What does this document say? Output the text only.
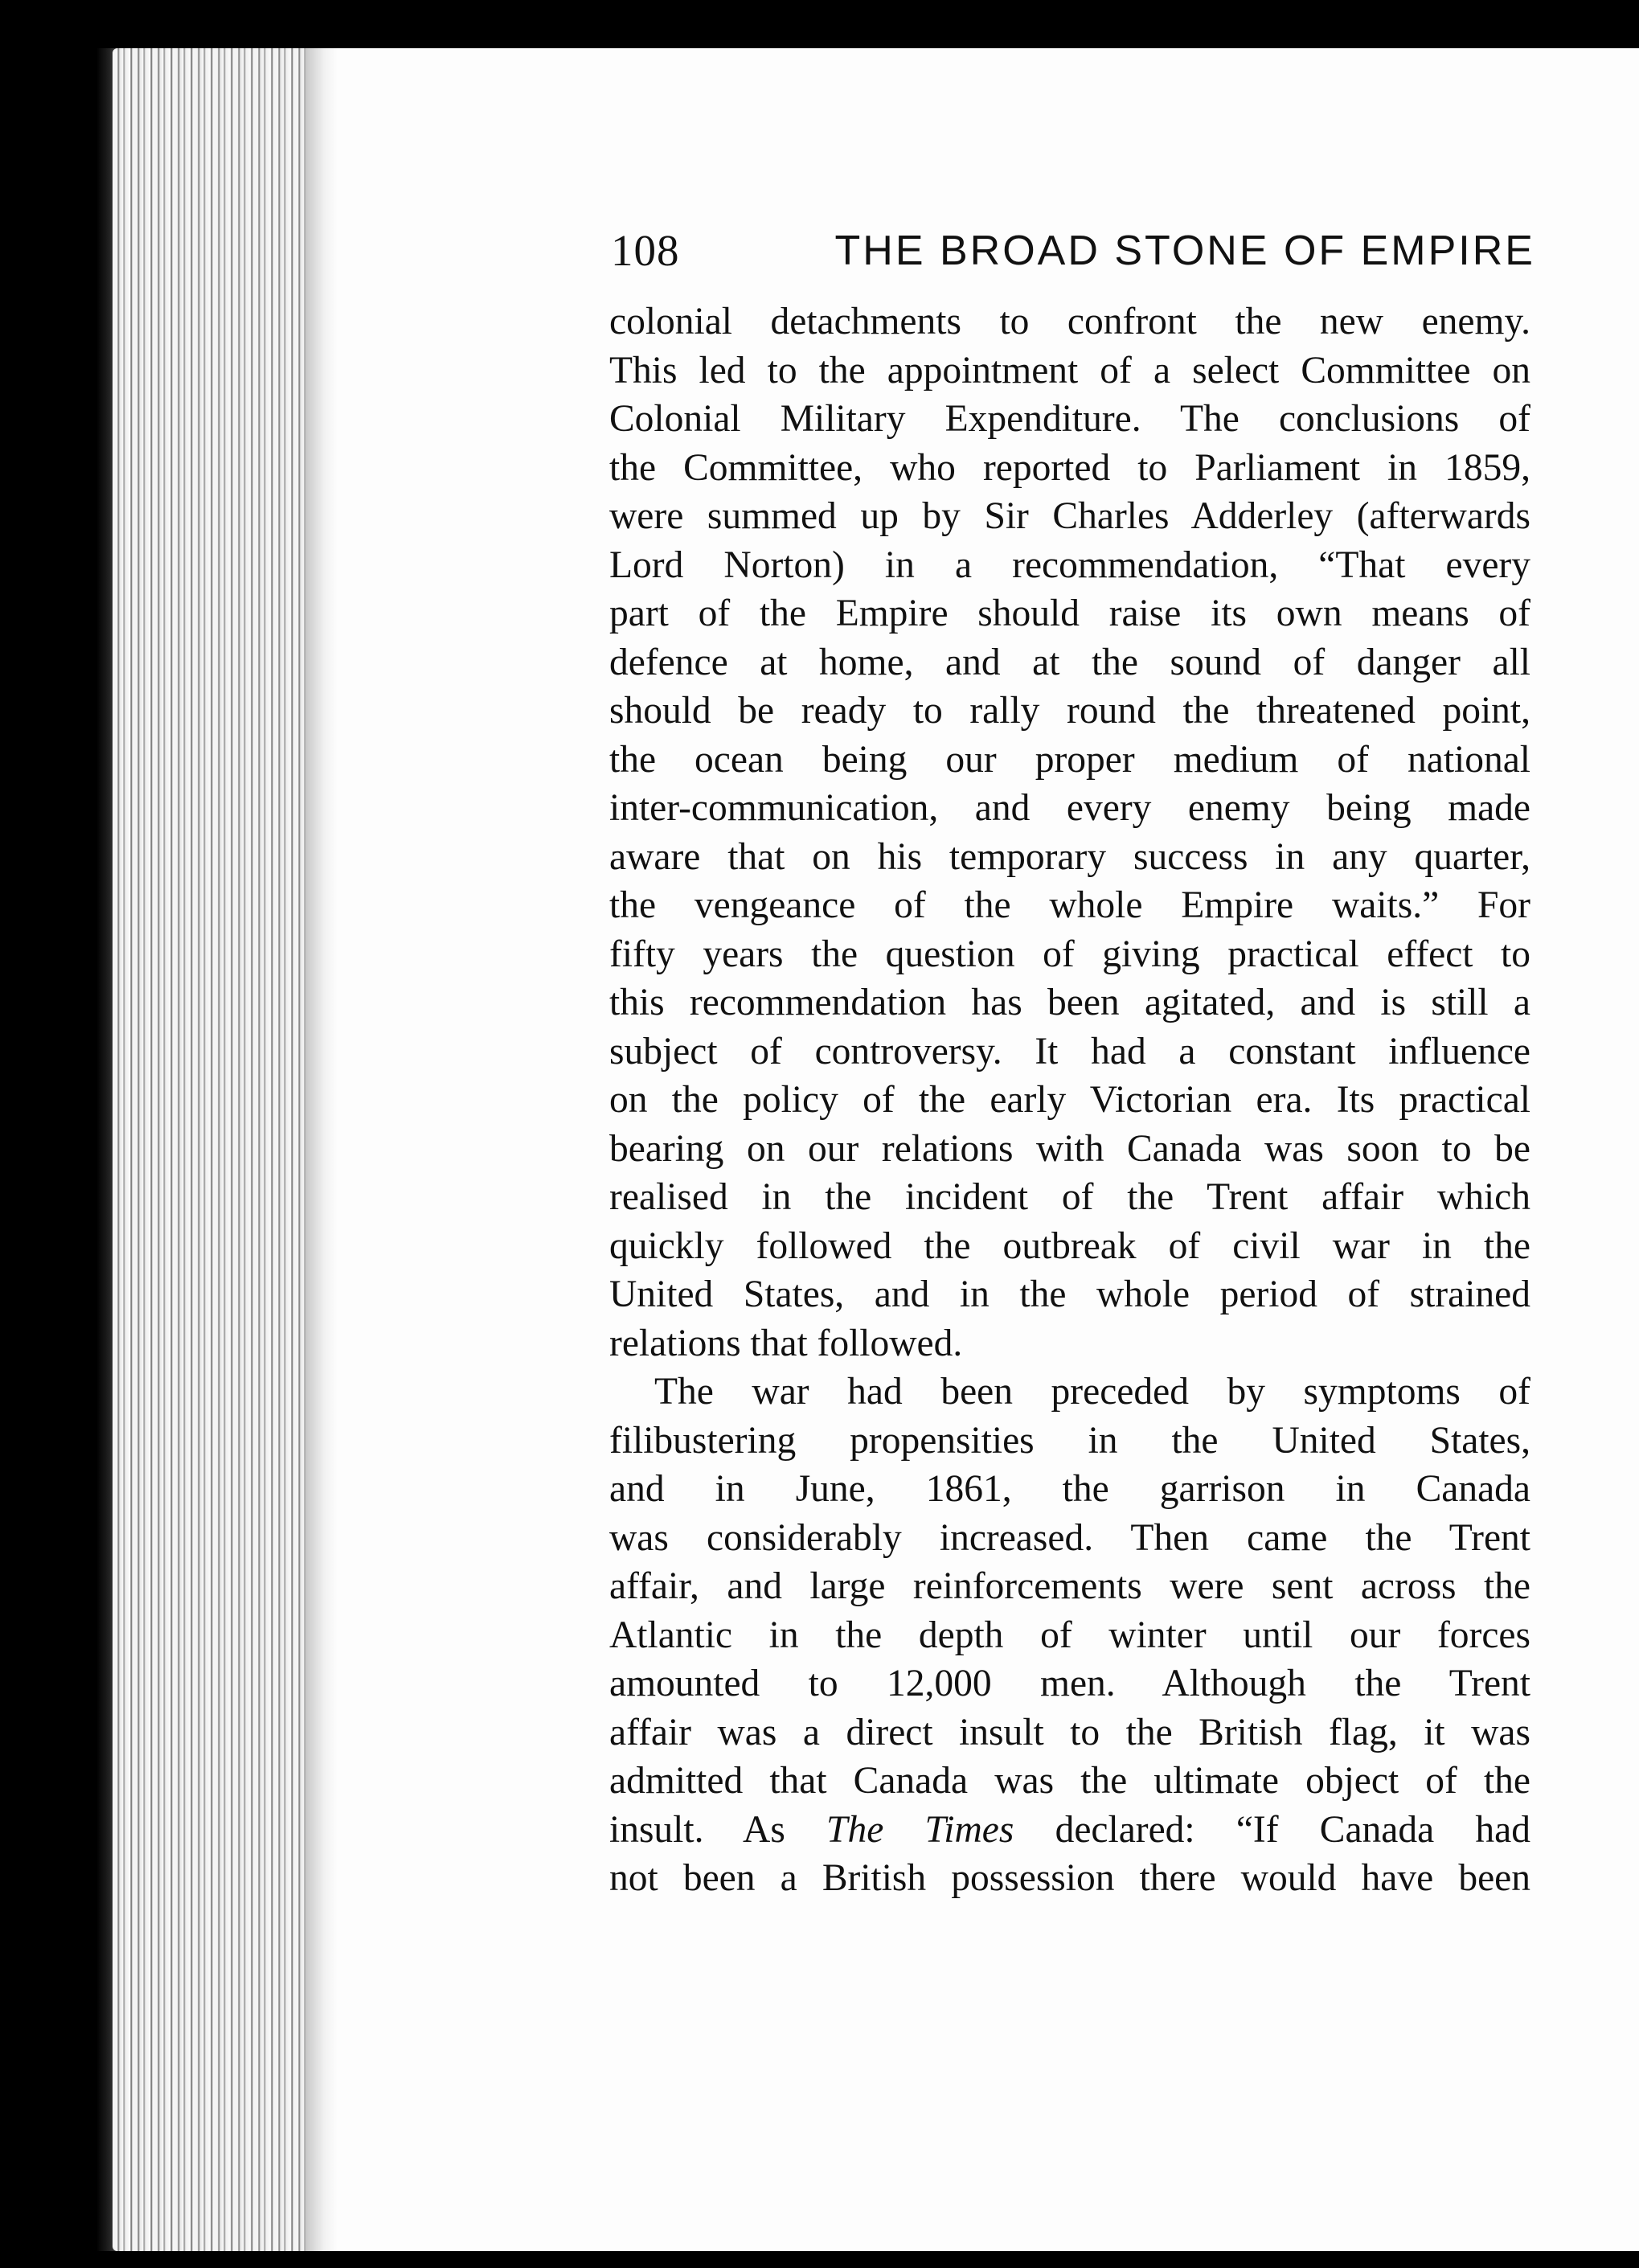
108	THE BROAD STONE OF EMPIRE
colonial detachments to confront the new enemy.
This led to the appointment of a select Committee on
Colonial Military Expenditure. The conclusions of
the Committee, who reported to Parliament in 1859,
were summed up by Sir Charles Adderley (afterwards
Lord Norton) in a recommendation, “That every
part of the Empire should raise its own means of
defence at home, and at the sound of danger all
should be ready to rally round the threatened point,
the ocean being our proper medium of national
inter-communication, and every enemy being made
aware that on his temporary success in any quarter,
the vengeance of the whole Empire waits.” For
fifty years the question of giving practical effect to
this recommendation has been agitated, and is still a
subject of controversy. It had a constant influence
on the policy of the early Victorian era. Its practical
bearing on our relations with Canada was soon to be
realised in the incident of the Trent affair which
quickly followed the outbreak of civil war in the
United States, and in the whole period of strained
relations that followed.
The war had been preceded by symptoms of
filibustering propensities in the United States,
and in June, 1861, the garrison in Canada
was considerably increased. Then came the Trent
affair, and large reinforcements were sent across the
Atlantic in the depth of winter until our forces
amounted to 12,000 men. Although the Trent
affair was a direct insult to the British flag, it was
admitted that Canada was the ultimate object of the
insult. As The Times declared: “If Canada had
not been a British possession there would have been
